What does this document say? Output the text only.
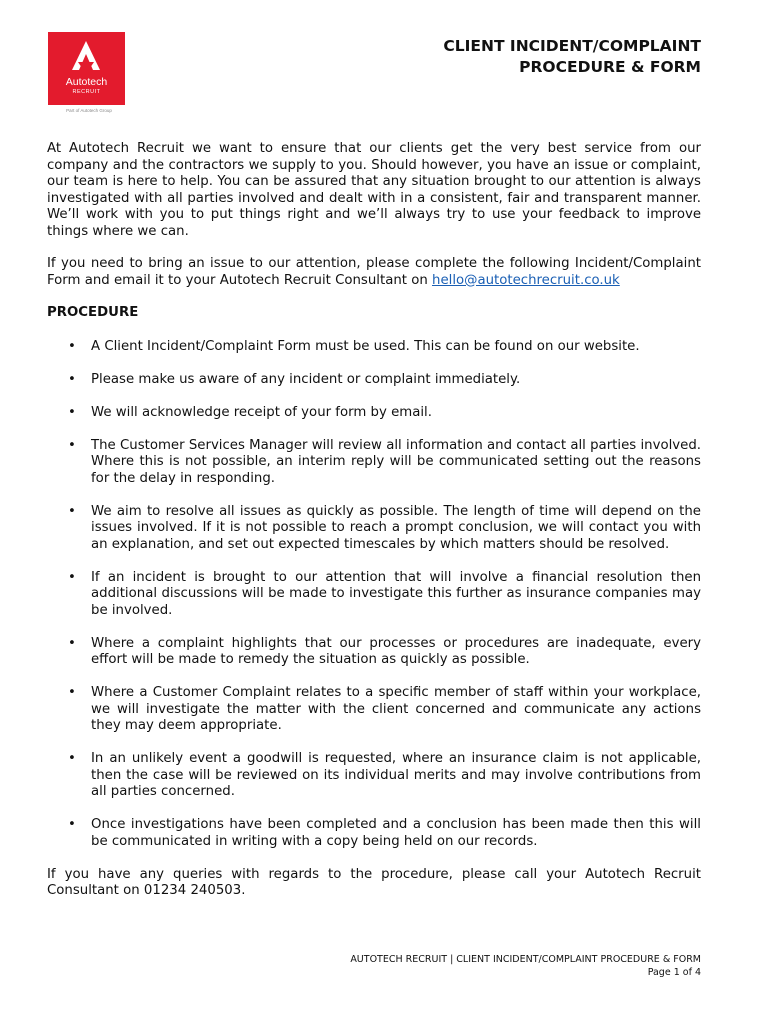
Autotech
RECRUIT
Part of Autotech Group
CLIENT INCIDENT/COMPLAINT
PROCEDURE & FORM

At Autotech Recruit we want to ensure that our clients get the very best service from our company and the contractors we supply to you. Should however, you have an issue or complaint, our team is here to help. You can be assured that any situation brought to our attention is always investigated with all parties involved and dealt with in a consistent, fair and transparent manner. We’ll work with you to put things right and we’ll always try to use your feedback to improve things where we can.

If you need to bring an issue to our attention, please complete the following Incident/Complaint Form and email it to your Autotech Recruit Consultant on hello@autotechrecruit.co.uk

PROCEDURE

• A Client Incident/Complaint Form must be used. This can be found on our website.
• Please make us aware of any incident or complaint immediately.
• We will acknowledge receipt of your form by email.
• The Customer Services Manager will review all information and contact all parties involved. Where this is not possible, an interim reply will be communicated setting out the reasons for the delay in responding.
• We aim to resolve all issues as quickly as possible. The length of time will depend on the issues involved. If it is not possible to reach a prompt conclusion, we will contact you with an explanation, and set out expected timescales by which matters should be resolved.
• If an incident is brought to our attention that will involve a financial resolution then additional discussions will be made to investigate this further as insurance companies may be involved.
• Where a complaint highlights that our processes or procedures are inadequate, every effort will be made to remedy the situation as quickly as possible.
• Where a Customer Complaint relates to a specific member of staff within your workplace, we will investigate the matter with the client concerned and communicate any actions they may deem appropriate.
• In an unlikely event a goodwill is requested, where an insurance claim is not applicable, then the case will be reviewed on its individual merits and may involve contributions from all parties concerned.
• Once investigations have been completed and a conclusion has been made then this will be communicated in writing with a copy being held on our records.

If you have any queries with regards to the procedure, please call your Autotech Recruit Consultant on 01234 240503.

AUTOTECH RECRUIT | CLIENT INCIDENT/COMPLAINT PROCEDURE & FORM
Page 1 of 4
